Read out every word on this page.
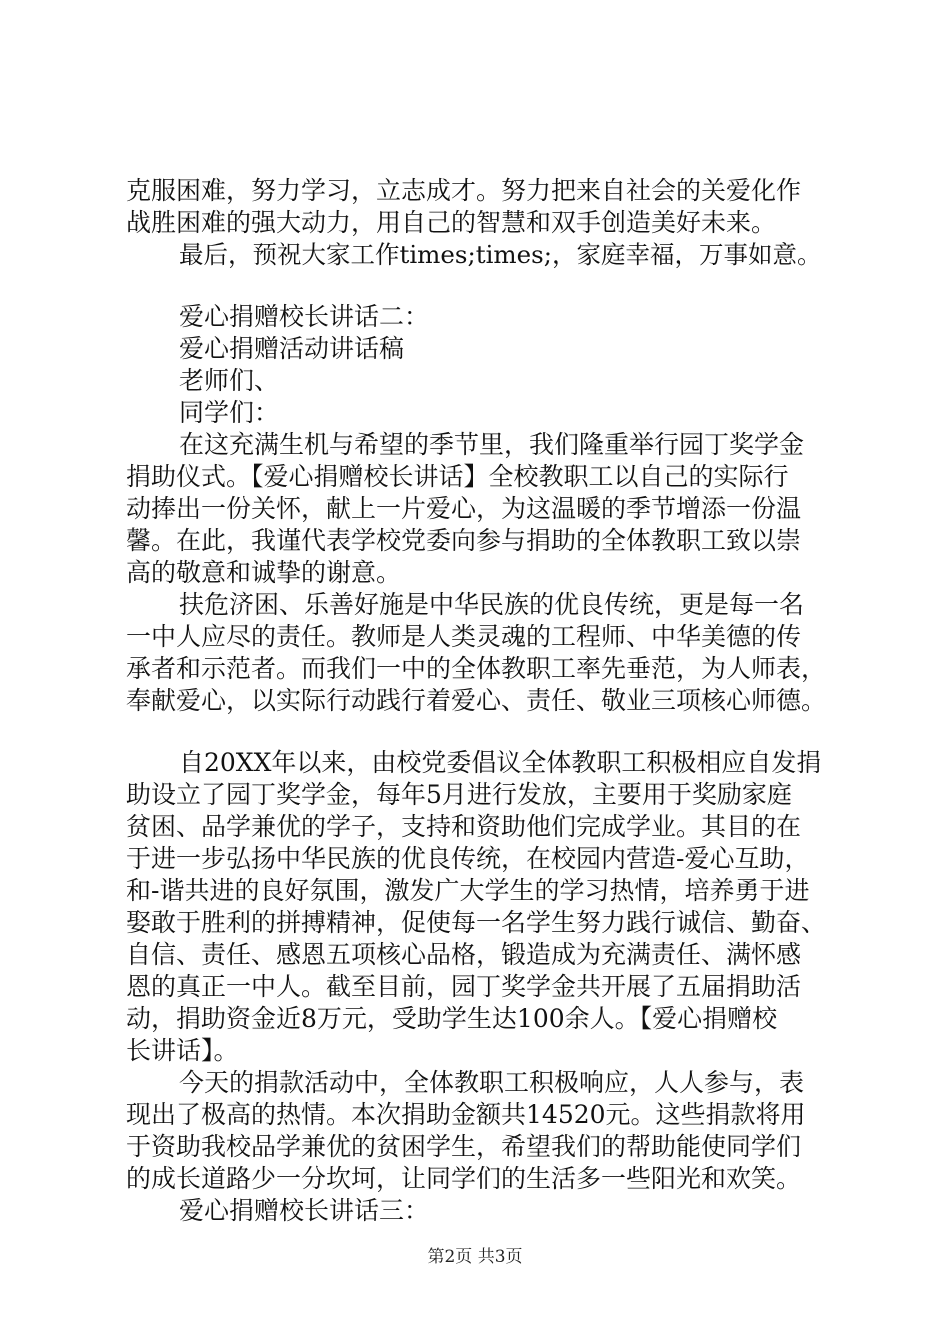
克服困难，努力学习，立志成才。努力把来自社会的关爱化作
战胜困难的强大动力，用自己的智慧和双手创造美好未来。
最后，预祝大家工作times;times;，家庭幸福，万事如意。
爱心捐赠校长讲话二：
爱心捐赠活动讲话稿
老师们、
同学们：
在这充满生机与希望的季节里，我们隆重举行园丁奖学金
捐助仪式。【爱心捐赠校长讲话】全校教职工以自己的实际行
动捧出一份关怀，献上一片爱心，为这温暖的季节增添一份温
馨。在此，我谨代表学校党委向参与捐助的全体教职工致以崇
高的敬意和诚挚的谢意。
扶危济困、乐善好施是中华民族的优良传统，更是每一名
一中人应尽的责任。教师是人类灵魂的工程师、中华美德的传
承者和示范者。而我们一中的全体教职工率先垂范，为人师表，
奉献爱心，以实际行动践行着爱心、责任、敬业三项核心师德。
自20XX年以来，由校党委倡议全体教职工积极相应自发捐
助设立了园丁奖学金，每年5月进行发放，主要用于奖励家庭
贫困、品学兼优的学子，支持和资助他们完成学业。其目的在
于进一步弘扬中华民族的优良传统，在校园内营造-爱心互助，
和-谐共进的良好氛围，激发广大学生的学习热情，培养勇于进
娶敢于胜利的拼搏精神，促使每一名学生努力践行诚信、勤奋、
自信、责任、感恩五项核心品格，锻造成为充满责任、满怀感
恩的真正一中人。截至目前，园丁奖学金共开展了五届捐助活
动，捐助资金近8万元，受助学生达100余人。【爱心捐赠校
长讲话】。
今天的捐款活动中，全体教职工积极响应，人人参与，表
现出了极高的热情。本次捐助金额共14520元。这些捐款将用
于资助我校品学兼优的贫困学生，希望我们的帮助能使同学们
的成长道路少一分坎坷，让同学们的生活多一些阳光和欢笑。
爱心捐赠校长讲话三：
第2页 共3页
